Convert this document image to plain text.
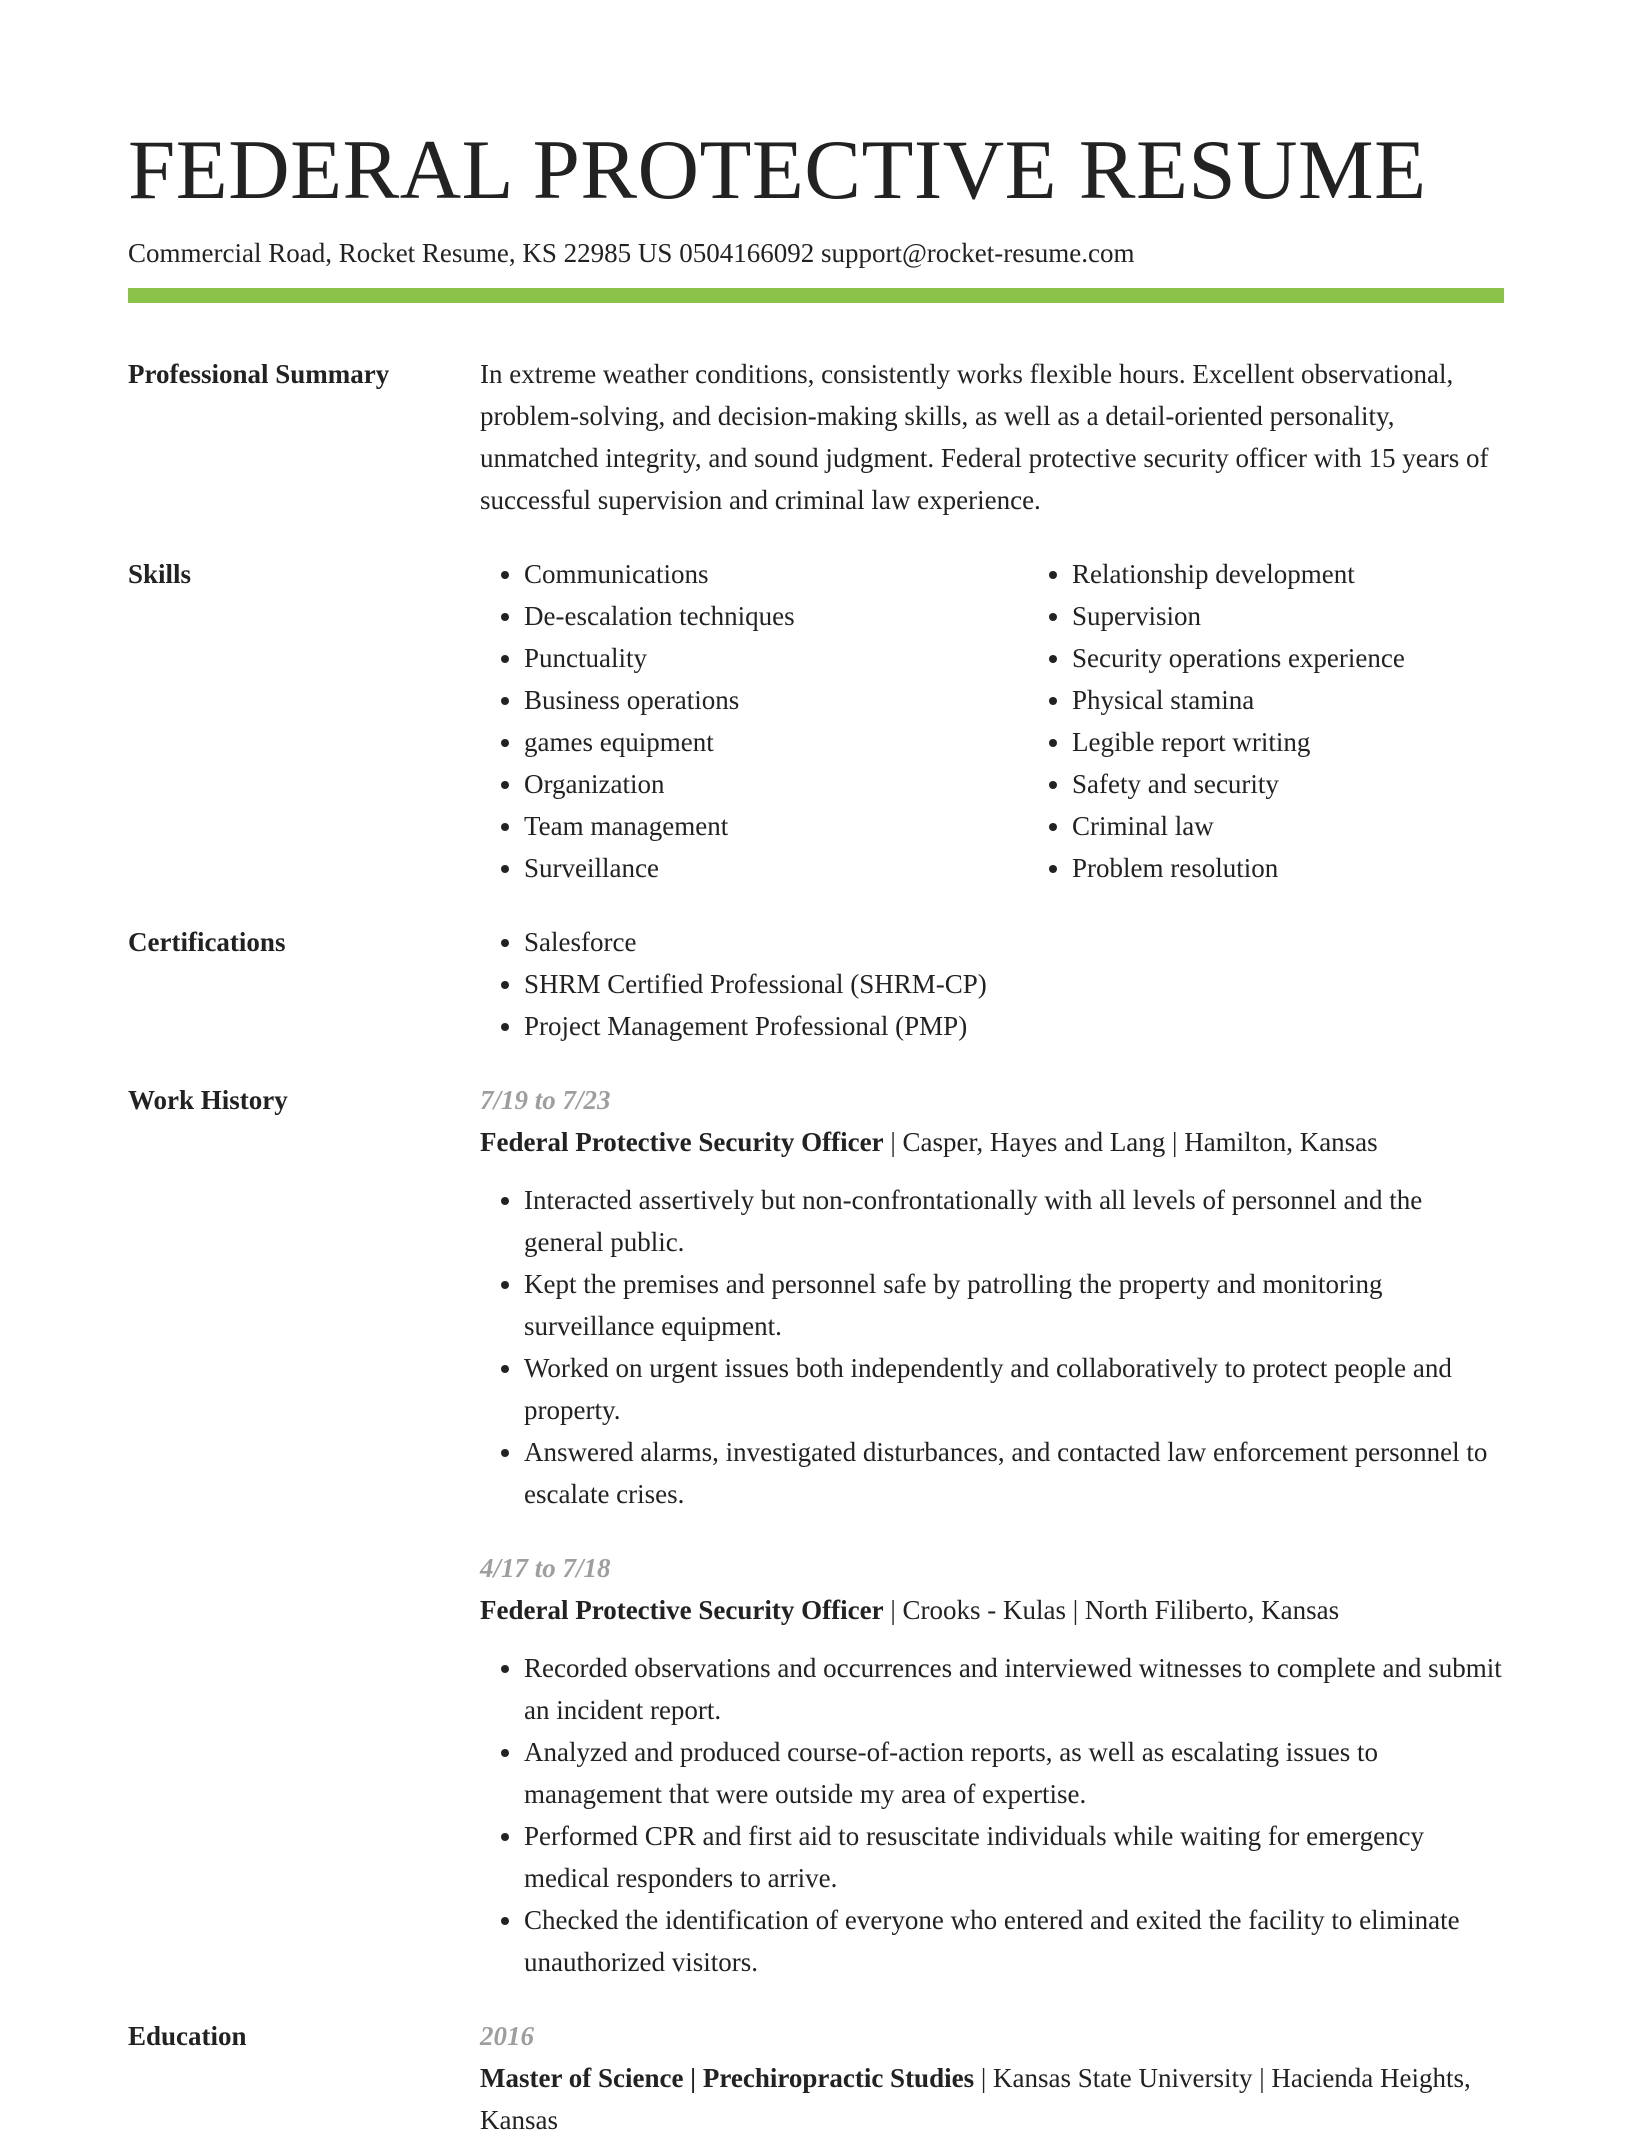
FEDERAL PROTECTIVE RESUME
Commercial Road, Rocket Resume, KS 22985 US 0504166092 support@rocket-resume.com
Professional Summary	In extreme weather conditions, consistently works flexible hours. Excellent observational, problem-solving, and decision-making skills, as well as a detail-oriented personality, unmatched integrity, and sound judgment. Federal protective security officer with 15 years of successful supervision and criminal law experience.
Skills	• Communications
• De-escalation techniques
• Punctuality
• Business operations
• games equipment
• Organization
• Team management
• Surveillance
• Relationship development
• Supervision
• Security operations experience
• Physical stamina
• Legible report writing
• Safety and security
• Criminal law
• Problem resolution
Certifications	• Salesforce
• SHRM Certified Professional (SHRM-CP)
• Project Management Professional (PMP)
Work History	7/19 to 7/23
Federal Protective Security Officer | Casper, Hayes and Lang | Hamilton, Kansas
• Interacted assertively but non-confrontationally with all levels of personnel and the general public.
• Kept the premises and personnel safe by patrolling the property and monitoring surveillance equipment.
• Worked on urgent issues both independently and collaboratively to protect people and property.
• Answered alarms, investigated disturbances, and contacted law enforcement personnel to escalate crises.
4/17 to 7/18
Federal Protective Security Officer | Crooks - Kulas | North Filiberto, Kansas
• Recorded observations and occurrences and interviewed witnesses to complete and submit an incident report.
• Analyzed and produced course-of-action reports, as well as escalating issues to management that were outside my area of expertise.
• Performed CPR and first aid to resuscitate individuals while waiting for emergency medical responders to arrive.
• Checked the identification of everyone who entered and exited the facility to eliminate unauthorized visitors.
Education	2016
Master of Science | Prechiropractic Studies | Kansas State University | Hacienda Heights, Kansas
